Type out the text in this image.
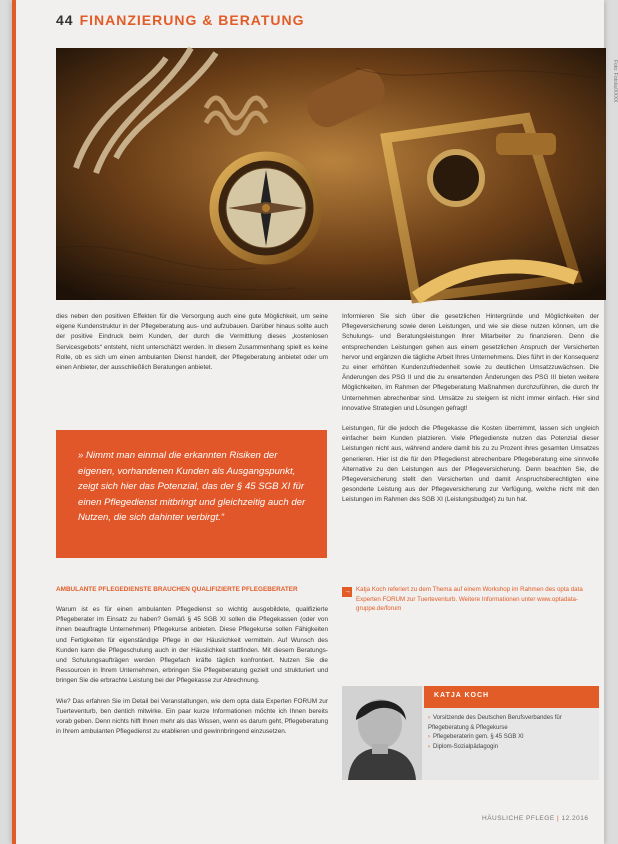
44 FINANZIERUNG & BERATUNG
Foto: Fotolia/XXXX

dies neben den positiven Effekten für die Versorgung auch eine gute Möglichkeit, um seine eigene Kundenstruktur in der Pflegeberatung aus- und aufzubauen. Darüber hinaus sollte auch der positive Eindruck beim Kunden, der durch die Vermittlung dieses „kostenlosen Servicesgebots“ entsteht, nicht unterschätzt werden. In diesem Zusammenhang spielt es keine Rolle, ob es sich um einen ambulanten Dienst handelt, der Pflegeberatung anbietet oder um einen Anbieter, der ausschließlich Beratungen anbietet.

» Nimmt man einmal die erkannten Risiken der eigenen, vorhandenen Kunden als Ausgangspunkt, zeigt sich hier das Potenzial, das der § 45 SGB XI für einen Pflegedienst mitbringt und gleichzeitig auch der Nutzen, die sich dahinter verbirgt.“
AMBULANTE PFLEGEDIENSTE BRAUCHEN QUALIFIZIERTE PFLEGEBERATER

Warum ist es für einen ambulanten Pflegedienst so wichtig ausgebildete, qualifizierte Pflegeberater im Einsatz zu haben? Gemäß § 45 SGB XI sollen die Pflegekassen (oder von ihnen beauftragte Unternehmen) Pflegekurse anbieten. Diese Pflegekurse sollen Fähigkeiten und Fertigkeiten für eigenständige Pflege in der Häuslichkeit vermitteln. Auf Wunsch des Kunden kann die Pflegeschulung auch in der Häuslichkeit stattfinden. Mit diesem Beratungs- und Schulungsaufträgen werden Pflegefach kräfte täglich konfrontiert. Nutzen Sie die Ressourcen in Ihrem Unternehmen, erbringen Sie Pflegeberatung gezielt und strukturiert und bringen Sie die erbrachte Leistung bei der Pflegekasse zur Abrechnung.

Wie? Das erfahren Sie im Detail bei Veranstaltungen, wie dem opta data Experten FORUM zur Tuerteventurb, ben dentich mitwirke. Ein paar kurze Informationen möchte ich Ihnen bereits vorab geben. Denn nichts hilft Ihnen mehr als das Wissen, wenn es darum geht, Pflegeberatung in Ihrem ambulanten Pflegedienst zu etablieren und gewinnbringend einzusetzen.

Informieren Sie sich über die gesetzlichen Hintergründe und Möglichkeiten der Pflegeversicherung sowie deren Leistungen, und wie sie diese nutzen können, um die Schulungs- und Beratungsleistungen Ihrer Mitarbeiter zu finanzieren. Denn die entsprechenden Leistungen gehen aus einem gesetzlichen Anspruch der Versicherten hervor und ergänzen die tägliche Arbeit Ihres Unternehmens. Dies führt in der Konsequenz zu einer erhöhten Kundenzufriedenheit sowie zu deutlichen Umsatzzuwächsen. Die Änderungen des PSG II und die zu erwartenden Änderungen des PSG III bieten weitere Möglichkeiten, im Rahmen der Pflegeberatung Maßnahmen durchzuführen, die durch Ihr Unternehmen abrechenbar sind. Umsätze zu steigern ist nicht immer einfach. Hier sind innovative Strategien und Lösungen gefragt!

Leistungen, für die jedoch die Pflegekasse die Kosten übernimmt, lassen sich ungleich einfacher beim Kunden platzieren. Viele Pflegedienste nutzen das Potenzial dieser Leistungen nicht aus, während andere damit bis zu zu Prozent ihres gesamten Umsatzes generieren. Hier ist die für den Pflegedienst abrechenbare Pflegeberatung eine sinnvolle Alternative zu den Leistungen aus der Pflegeversicherung. Denn beachten Sie, die Pflegeversicherung stellt den Versicherten und damit Anspruchsberechtigten eine gesonderte Leistung aus der Pflegeversicherung zur Verfügung, welche nicht mit den Leistungen im Rahmen des SGB XI (Leistungsbudget) zu tun hat.

→ Katja Koch referiert zu dem Thema auf einem Workshop im Rahmen des opta data Experten FORUM zur Tuerteventurb. Weitere Informationen unter www.optadata-gruppe.de/forum
KATJA KOCH
› Vorsitzende des Deutschen Berufsverbandes für Pflegeberatung & Pflegekurse
› Pflegeberaterin gem. § 45 SGB XI
› Diplom-Sozialpädagogin
HÄUSLICHE PFLEGE | 12.2016
